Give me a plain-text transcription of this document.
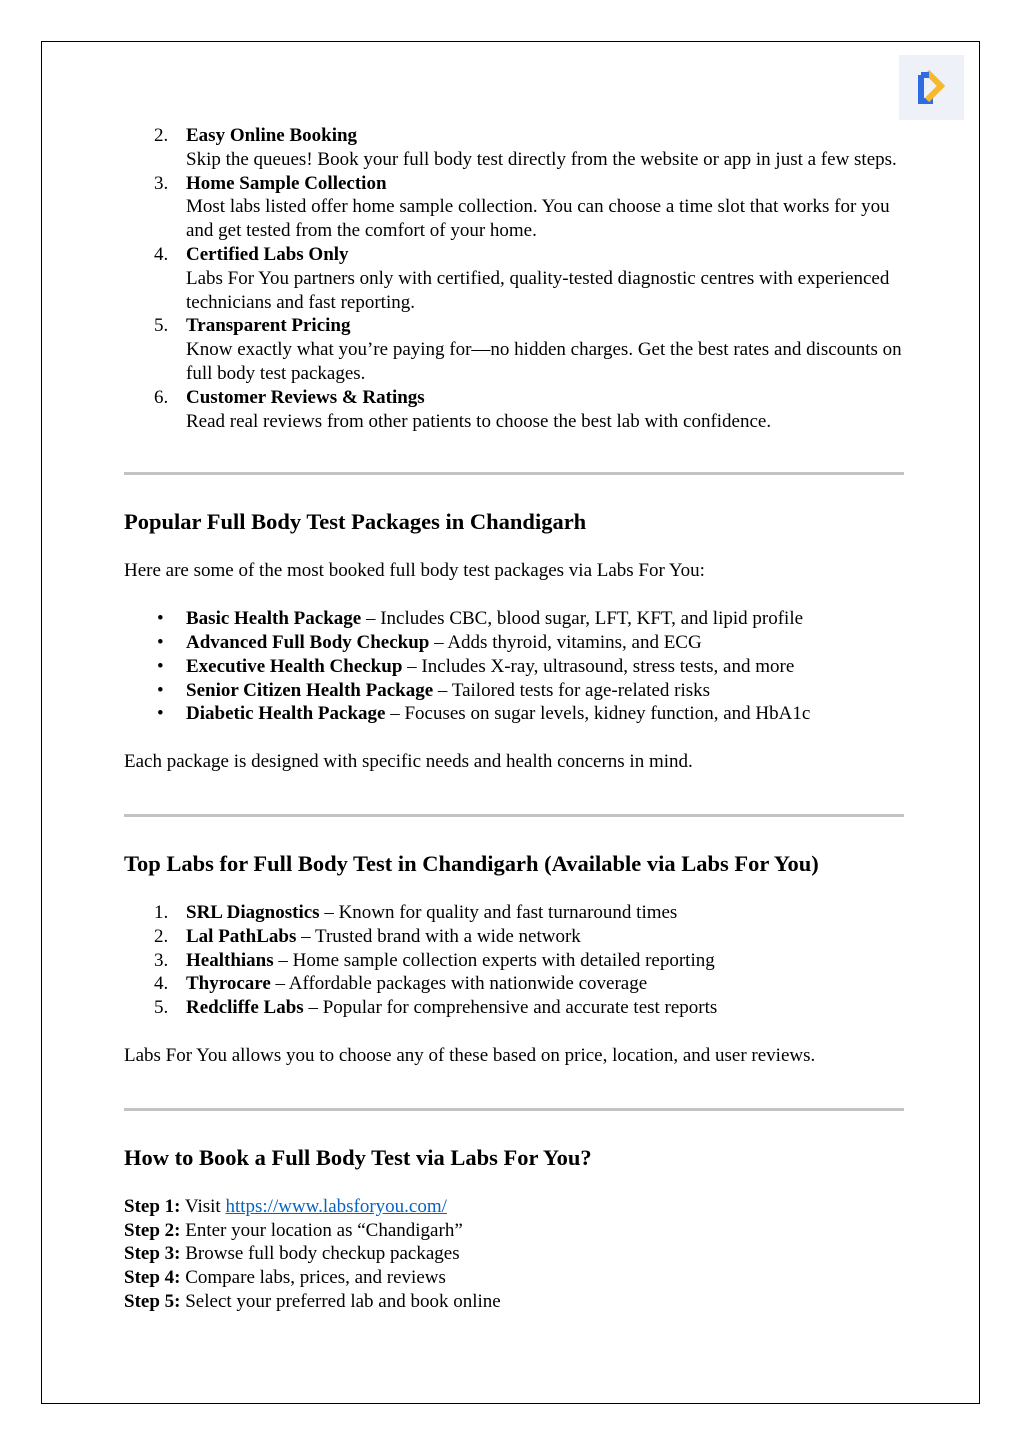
2. Easy Online Booking
Skip the queues! Book your full body test directly from the website or app in just a few steps.
3. Home Sample Collection
Most labs listed offer home sample collection. You can choose a time slot that works for you and get tested from the comfort of your home.
4. Certified Labs Only
Labs For You partners only with certified, quality-tested diagnostic centres with experienced technicians and fast reporting.
5. Transparent Pricing
Know exactly what you’re paying for—no hidden charges. Get the best rates and discounts on full body test packages.
6. Customer Reviews & Ratings
Read real reviews from other patients to choose the best lab with confidence.
Popular Full Body Test Packages in Chandigarh

Here are some of the most booked full body test packages via Labs For You:

• Basic Health Package – Includes CBC, blood sugar, LFT, KFT, and lipid profile
• Advanced Full Body Checkup – Adds thyroid, vitamins, and ECG
• Executive Health Checkup – Includes X-ray, ultrasound, stress tests, and more
• Senior Citizen Health Package – Tailored tests for age-related risks
• Diabetic Health Package – Focuses on sugar levels, kidney function, and HbA1c

Each package is designed with specific needs and health concerns in mind.

Top Labs for Full Body Test in Chandigarh (Available via Labs For You)
1. SRL Diagnostics – Known for quality and fast turnaround times
2. Lal PathLabs – Trusted brand with a wide network
3. Healthians – Home sample collection experts with detailed reporting
4. Thyrocare – Affordable packages with nationwide coverage
5. Redcliffe Labs – Popular for comprehensive and accurate test reports

Labs For You allows you to choose any of these based on price, location, and user reviews.

How to Book a Full Body Test via Labs For You?
Step 1: Visit https://www.labsforyou.com/
Step 2: Enter your location as “Chandigarh”
Step 3: Browse full body checkup packages
Step 4: Compare labs, prices, and reviews
Step 5: Select your preferred lab and book online
